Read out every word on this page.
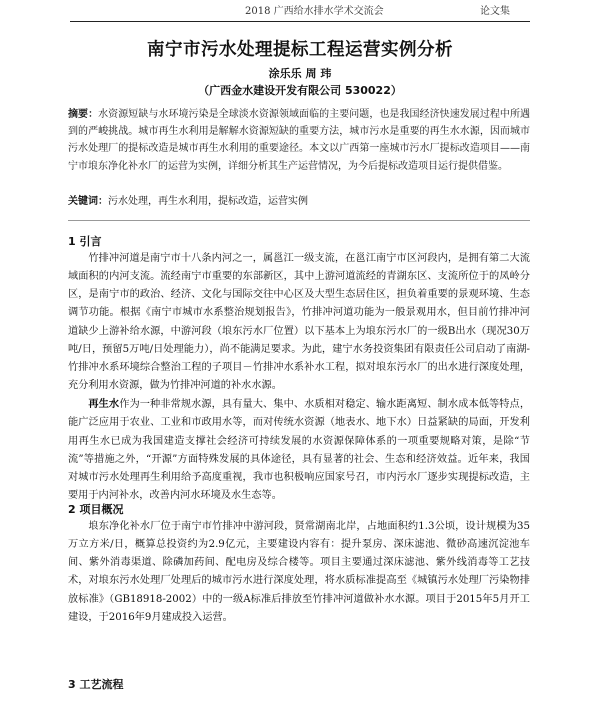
2018 广西给水排水学术交流会	论文集
南宁市污水处理提标工程运营实例分析
涂乐乐 周 玮
（广西金水建设开发有限公司 530022）
摘要：水资源短缺与水环境污染是全球淡水资源领域面临的主要问题，也是我国经济快速发展过程中所遇到的严峻挑战。城市再生水利用是解解水资源短缺的重要方法，城市污水是重要的再生水水源，因而城市污水处理厂的提标改造是城市再生水利用的重要途径。本文以广西第一座城市污水厂提标改造项目——南宁市埌东净化补水厂的运营为实例，详细分析其生产运营情况，为今后提标改造项目运行提供借鉴。
关键词：污水处理，再生水利用，提标改造，运营实例
1 引言

竹排冲河道是南宁市十八条内河之一，属邕江一级支流，在邕江南宁市区河段内，是拥有第二大流域面积的内河支流。流经南宁市重要的东部新区，其中上游河道流经的青湖东区、支流所位于的凤岭分区，是南宁市的政治、经济、文化与国际交往中心区及大型生态居住区，担负着重要的景观环境、生态调节功能。根据《南宁市城市水系整治规划报告》，竹排冲河道功能为一般景观用水，但目前竹排冲河道缺少上游补给水源，中游河段（埌东污水厂位置）以下基本上为埌东污水厂的一级B出水（现况30万吨/日，预留5万吨/日处理能力），尚不能满足要求。为此，建宁水务投资集团有限责任公司启动了南湖-竹排冲水系环境综合整治工程的子项目－竹排冲水系补水工程，拟对埌东污水厂的出水进行深度处理，充分利用水资源，做为竹排冲河道的补水水源。

再生水作为一种非常规水源，具有量大、集中、水质相对稳定、输水距离短、制水成本低等特点，能广泛应用于农业、工业和市政用水等，而对传统水资源（地表水、地下水）日益紧缺的局面，开发利用再生水已成为我国建造支撑社会经济可持续发展的水资源保障体系的一项重要规略对策，是除“节流”等措施之外，“开源”方面特殊发展的具体途径，具有显著的社会、生态和经济效益。近年来，我国对城市污水处理再生利用给予高度重视，我市也积极响应国家号召，市内污水厂逐步实现提标改造，主要用于内河补水，改善内河水环境及水生态等。

2 项目概况

埌东净化补水厂位于南宁市竹排冲中游河段，贤常湖南北岸，占地面积约1.3公顷，设计规模为35万立方米/日，概算总投资约为2.9亿元，主要建设内容有：提升泵房、深床滤池、微砂高速沉淀池车间、紫外消毒渠道、除磷加药间、配电房及综合楼等。项目主要通过深床滤池、紫外线消毒等工艺技术，对埌东污水处理厂处理后的城市污水进行深度处理，将水质标准提高至《城镇污水处理厂污染物排放标准》（GB18918-2002）中的一级A标准后排放至竹排冲河道做补水水源。项目于2015年5月开工建设，于2016年9月建成投入运营。

3 工艺流程
